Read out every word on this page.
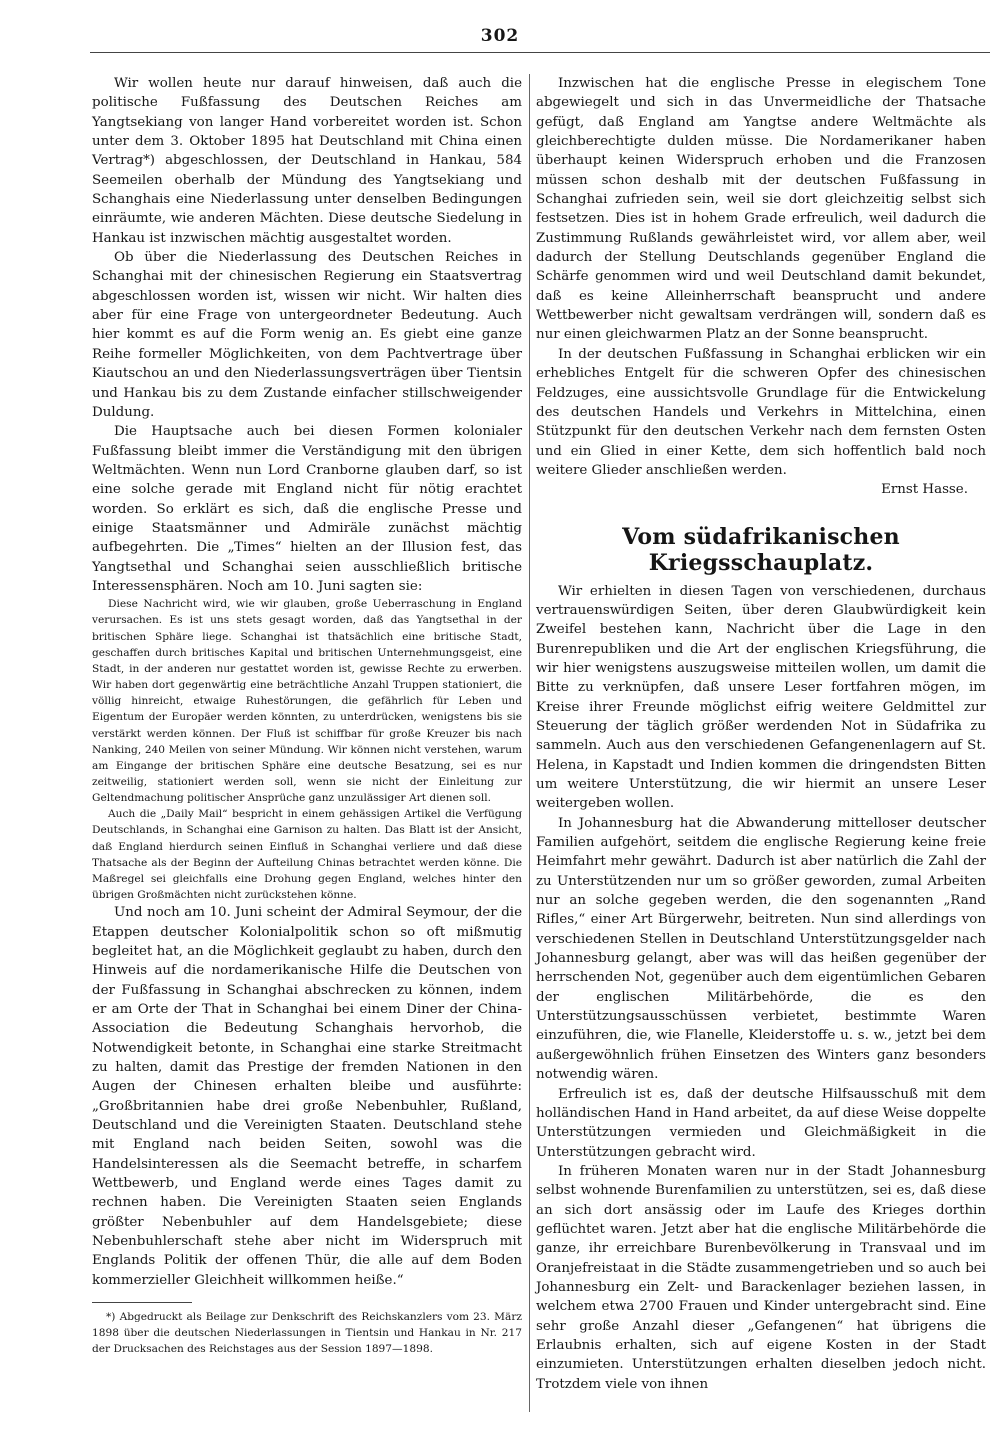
302

Wir wollen heute nur darauf hinweisen, daß auch die politische Fußfassung des Deutschen Reiches am Yangtsekiang von langer Hand vorbereitet worden ist. Schon unter dem 3. Oktober 1895 hat Deutschland mit China einen Vertrag*) abgeschlossen, der Deutschland in Hankau, 584 Seemeilen oberhalb der Mündung des Yangtsekiang und Schanghais eine Niederlassung unter denselben Bedingungen einräumte, wie anderen Mächten. Diese deutsche Siedelung in Hankau ist inzwischen mächtig ausgestaltet worden.

Ob über die Niederlassung des Deutschen Reiches in Schanghai mit der chinesischen Regierung ein Staatsvertrag abgeschlossen worden ist, wissen wir nicht. Wir halten dies aber für eine Frage von untergeordneter Bedeutung. Auch hier kommt es auf die Form wenig an. Es giebt eine ganze Reihe formeller Möglichkeiten, von dem Pachtvertrage über Kiautschou an und den Niederlassungsverträgen über Tientsin und Hankau bis zu dem Zustande einfacher stillschweigender Duldung.

Die Hauptsache auch bei diesen Formen kolonialer Fußfassung bleibt immer die Verständigung mit den übrigen Weltmächten. Wenn nun Lord Cranborne glauben darf, so ist eine solche gerade mit England nicht für nötig erachtet worden. So erklärt es sich, daß die englische Presse und einige Staatsmänner und Admiräle zunächst mächtig aufbegehrten. Die „Times“ hielten an der Illusion fest, das Yangtsethal und Schanghai seien ausschließlich britische Interessensphären. Noch am 10. Juni sagten sie:

Diese Nachricht wird, wie wir glauben, große Ueberraschung in England verursachen. Es ist uns stets gesagt worden, daß das Yangtsethal in der britischen Sphäre liege. Schanghai ist thatsächlich eine britische Stadt, geschaffen durch britisches Kapital und britischen Unternehmungsgeist, eine Stadt, in der anderen nur gestattet worden ist, gewisse Rechte zu erwerben. Wir haben dort gegenwärtig eine beträchtliche Anzahl Truppen stationiert, die völlig hinreicht, etwaige Ruhestörungen, die gefährlich für Leben und Eigentum der Europäer werden könnten, zu unterdrücken, wenigstens bis sie verstärkt werden können. Der Fluß ist schiffbar für große Kreuzer bis nach Nanking, 240 Meilen von seiner Mündung. Wir können nicht verstehen, warum am Eingange der britischen Sphäre eine deutsche Besatzung, sei es nur zeitweilig, stationiert werden soll, wenn sie nicht der Einleitung zur Geltendmachung politischer Ansprüche ganz unzulässiger Art dienen soll.

Auch die „Daily Mail“ bespricht in einem gehässigen Artikel die Verfügung Deutschlands, in Schanghai eine Garnison zu halten. Das Blatt ist der Ansicht, daß England hierdurch seinen Einfluß in Schanghai verliere und daß diese Thatsache als der Beginn der Aufteilung Chinas betrachtet werden könne. Die Maßregel sei gleichfalls eine Drohung gegen England, welches hinter den übrigen Großmächten nicht zurückstehen könne.

Und noch am 10. Juni scheint der Admiral Seymour, der die Etappen deutscher Kolonialpolitik schon so oft mißmutig begleitet hat, an die Möglichkeit geglaubt zu haben, durch den Hinweis auf die nordamerikanische Hilfe die Deutschen von der Fußfassung in Schanghai abschrecken zu können, indem er am Orte der That in Schanghai bei einem Diner der China-Association die Bedeutung Schanghais hervorhob, die Notwendigkeit betonte, in Schanghai eine starke Streitmacht zu halten, damit das Prestige der fremden Nationen in den Augen der Chinesen erhalten bleibe und ausführte: „Großbritannien habe drei große Nebenbuhler, Rußland, Deutschland und die Vereinigten Staaten. Deutschland stehe mit England nach beiden Seiten, sowohl was die Handelsinteressen als die Seemacht betreffe, in scharfem Wettbewerb, und England werde eines Tages damit zu rechnen haben. Die Vereinigten Staaten seien Englands größter Nebenbuhler auf dem Handelsgebiete; diese Nebenbuhlerschaft stehe aber nicht im Widerspruch mit Englands Politik der offenen Thür, die alle auf dem Boden kommerzieller Gleichheit willkommen heiße.“

*) Abgedruckt als Beilage zur Denkschrift des Reichskanzlers vom 23. März 1898 über die deutschen Niederlassungen in Tientsin und Hankau in Nr. 217 der Drucksachen des Reichstages aus der Session 1897—1898.

Inzwischen hat die englische Presse in elegischem Tone abgewiegelt und sich in das Unvermeidliche der Thatsache gefügt, daß England am Yangtse andere Weltmächte als gleichberechtigte dulden müsse. Die Nordamerikaner haben überhaupt keinen Widerspruch erhoben und die Franzosen müssen schon deshalb mit der deutschen Fußfassung in Schanghai zufrieden sein, weil sie dort gleichzeitig selbst sich festsetzen. Dies ist in hohem Grade erfreulich, weil dadurch die Zustimmung Rußlands gewährleistet wird, vor allem aber, weil dadurch der Stellung Deutschlands gegenüber England die Schärfe genommen wird und weil Deutschland damit bekundet, daß es keine Alleinherrschaft beansprucht und andere Wettbewerber nicht gewaltsam verdrängen will, sondern daß es nur einen gleichwarmen Platz an der Sonne beansprucht.

In der deutschen Fußfassung in Schanghai erblicken wir ein erhebliches Entgelt für die schweren Opfer des chinesischen Feldzuges, eine aussichtsvolle Grundlage für die Entwickelung des deutschen Handels und Verkehrs in Mittelchina, einen Stützpunkt für den deutschen Verkehr nach dem fernsten Osten und ein Glied in einer Kette, dem sich hoffentlich bald noch weitere Glieder anschließen werden.

Ernst Hasse.

Vom südafrikanischen Kriegsschauplatz.

Wir erhielten in diesen Tagen von verschiedenen, durchaus vertrauenswürdigen Seiten, über deren Glaubwürdigkeit kein Zweifel bestehen kann, Nachricht über die Lage in den Burenrepubliken und die Art der englischen Kriegsführung, die wir hier wenigstens auszugsweise mitteilen wollen, um damit die Bitte zu verknüpfen, daß unsere Leser fortfahren mögen, im Kreise ihrer Freunde möglichst eifrig weitere Geldmittel zur Steuerung der täglich größer werdenden Not in Südafrika zu sammeln. Auch aus den verschiedenen Gefangenenlagern auf St. Helena, in Kapstadt und Indien kommen die dringendsten Bitten um weitere Unterstützung, die wir hiermit an unsere Leser weitergeben wollen.

In Johannesburg hat die Abwanderung mittelloser deutscher Familien aufgehört, seitdem die englische Regierung keine freie Heimfahrt mehr gewährt. Dadurch ist aber natürlich die Zahl der zu Unterstützenden nur um so größer geworden, zumal Arbeiten nur an solche gegeben werden, die den sogenannten „Rand Rifles,“ einer Art Bürgerwehr, beitreten. Nun sind allerdings von verschiedenen Stellen in Deutschland Unterstützungsgelder nach Johannesburg gelangt, aber was will das heißen gegenüber der herrschenden Not, gegenüber auch dem eigentümlichen Gebaren der englischen Militärbehörde, die es den Unterstützungsausschüssen verbietet, bestimmte Waren einzuführen, die, wie Flanelle, Kleiderstoffe u. s. w., jetzt bei dem außergewöhnlich frühen Einsetzen des Winters ganz besonders notwendig wären.

Erfreulich ist es, daß der deutsche Hilfsausschuß mit dem holländischen Hand in Hand arbeitet, da auf diese Weise doppelte Unterstützungen vermieden und Gleichmäßigkeit in die Unterstützungen gebracht wird.

In früheren Monaten waren nur in der Stadt Johannesburg selbst wohnende Burenfamilien zu unterstützen, sei es, daß diese an sich dort ansässig oder im Laufe des Krieges dorthin geflüchtet waren. Jetzt aber hat die englische Militärbehörde die ganze, ihr erreichbare Burenbevölkerung in Transvaal und im Oranjefreistaat in die Städte zusammengetrieben und so auch bei Johannesburg ein Zelt- und Barackenlager beziehen lassen, in welchem etwa 2700 Frauen und Kinder untergebracht sind. Eine sehr große Anzahl dieser „Gefangenen“ hat übrigens die Erlaubnis erhalten, sich auf eigene Kosten in der Stadt einzumieten. Unterstützungen erhalten dieselben jedoch nicht. Trotzdem viele von ihnen
